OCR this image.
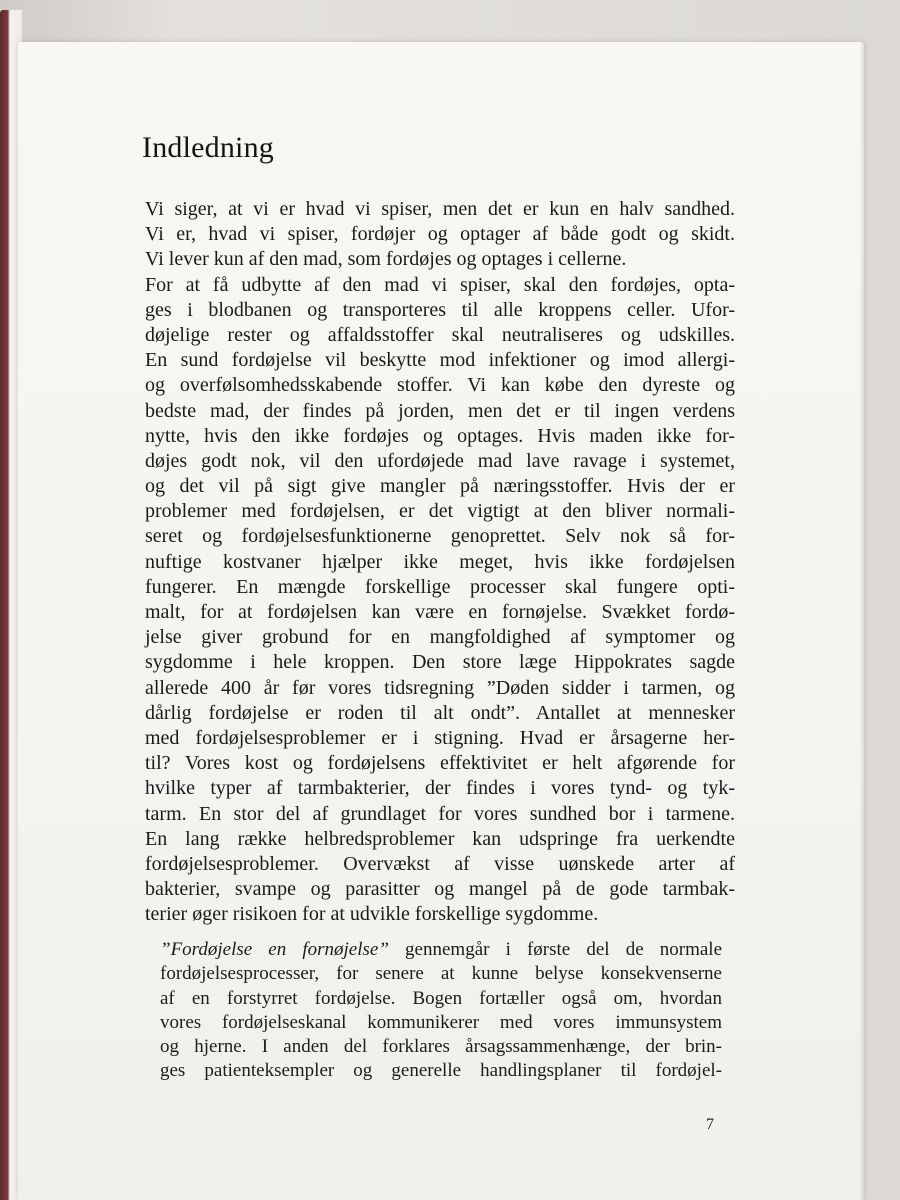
Indledning
Vi siger, at vi er hvad vi spiser, men det er kun en halv sandhed.
Vi er, hvad vi spiser, fordøjer og optager af både godt og skidt.
Vi lever kun af den mad, som fordøjes og optages i cellerne.
For at få udbytte af den mad vi spiser, skal den fordøjes, opta-
ges i blodbanen og transporteres til alle kroppens celler. Ufor-
døjelige rester og affaldsstoffer skal neutraliseres og udskilles.
En sund fordøjelse vil beskytte mod infektioner og imod allergi-
og overfølsomhedsskabende stoffer. Vi kan købe den dyreste og
bedste mad, der findes på jorden, men det er til ingen verdens
nytte, hvis den ikke fordøjes og optages. Hvis maden ikke for-
døjes godt nok, vil den ufordøjede mad lave ravage i systemet,
og det vil på sigt give mangler på næringsstoffer. Hvis der er
problemer med fordøjelsen, er det vigtigt at den bliver normali-
seret og fordøjelsesfunktionerne genoprettet. Selv nok så for-
nuftige kostvaner hjælper ikke meget, hvis ikke fordøjelsen
fungerer. En mængde forskellige processer skal fungere opti-
malt, for at fordøjelsen kan være en fornøjelse. Svækket fordø-
jelse giver grobund for en mangfoldighed af symptomer og
sygdomme i hele kroppen. Den store læge Hippokrates sagde
allerede 400 år før vores tidsregning ”Døden sidder i tarmen, og
dårlig fordøjelse er roden til alt ondt”. Antallet at mennesker
med fordøjelsesproblemer er i stigning. Hvad er årsagerne her-
til? Vores kost og fordøjelsens effektivitet er helt afgørende for
hvilke typer af tarmbakterier, der findes i vores tynd- og tyk-
tarm. En stor del af grundlaget for vores sundhed bor i tarmene.
En lang række helbredsproblemer kan udspringe fra uerkendte
fordøjelsesproblemer. Overvækst af visse uønskede arter af
bakterier, svampe og parasitter og mangel på de gode tarmbak-
terier øger risikoen for at udvikle forskellige sygdomme.
”Fordøjelse en fornøjelse” gennemgår i første del de normale
fordøjelsesprocesser, for senere at kunne belyse konsekvenserne
af en forstyrret fordøjelse. Bogen fortæller også om, hvordan
vores fordøjelseskanal kommunikerer med vores immunsystem
og hjerne. I anden del forklares årsagssammenhænge, der brin-
ges patienteksempler og generelle handlingsplaner til fordøjel-
7
